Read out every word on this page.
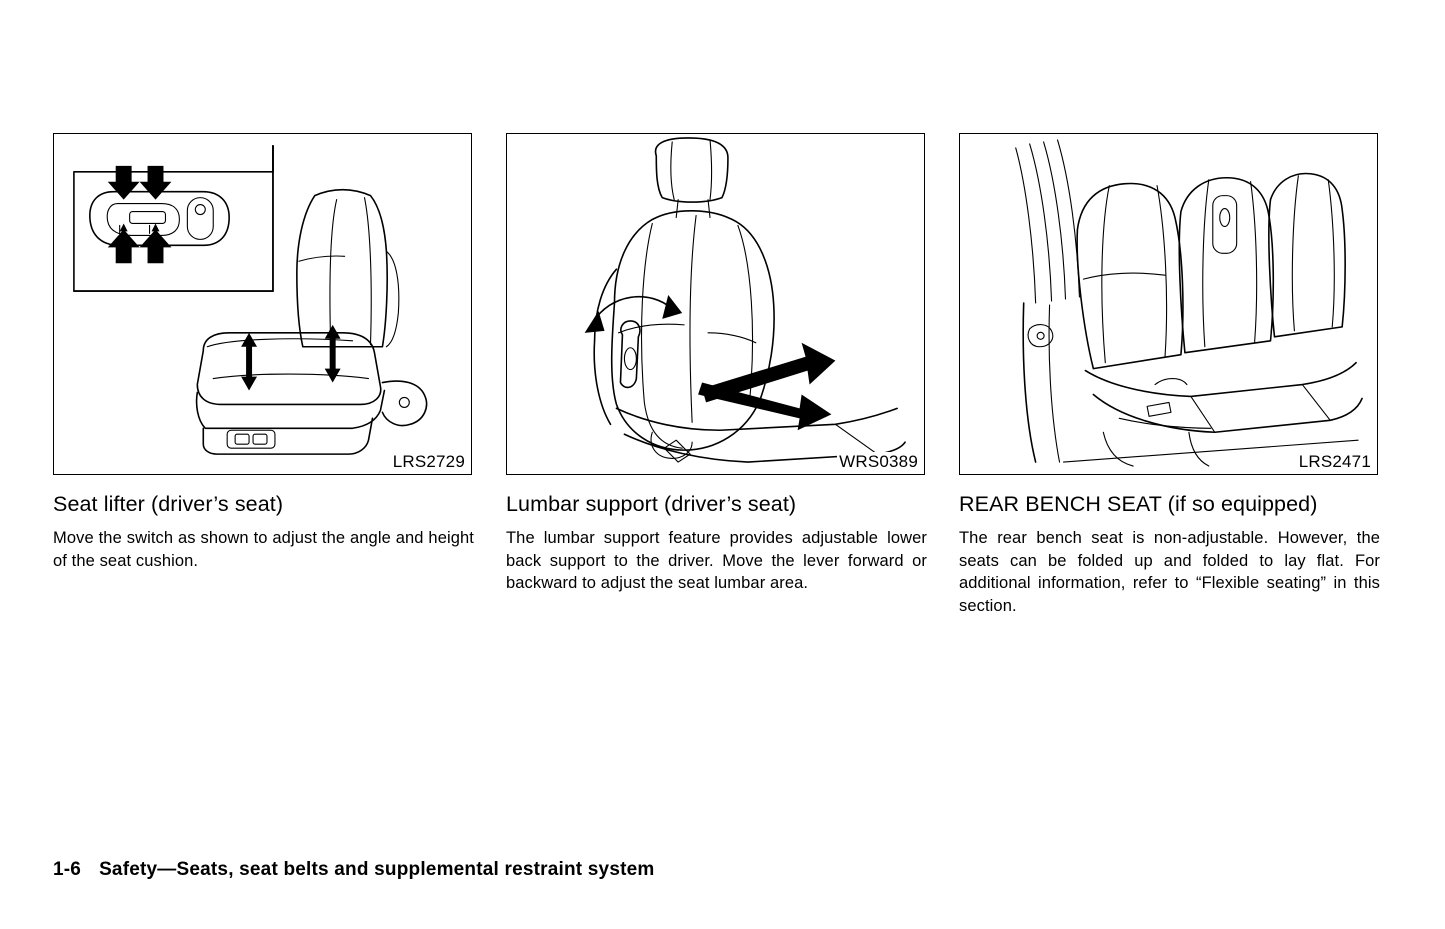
LRS2729
Seat lifter (driver’s seat)
Move the switch as shown to adjust the angle and height of the seat cushion.
WRS0389
Lumbar support (driver’s seat)
The lumbar support feature provides adjustable lower back support to the driver. Move the lever forward or backward to adjust the seat lumbar area.
LRS2471
REAR BENCH SEAT (if so equipped)
The rear bench seat is non-adjustable. However, the seats can be folded up and folded to lay flat. For additional information, refer to “Flexible seating” in this section.
1-6 Safety—Seats, seat belts and supplemental restraint system
